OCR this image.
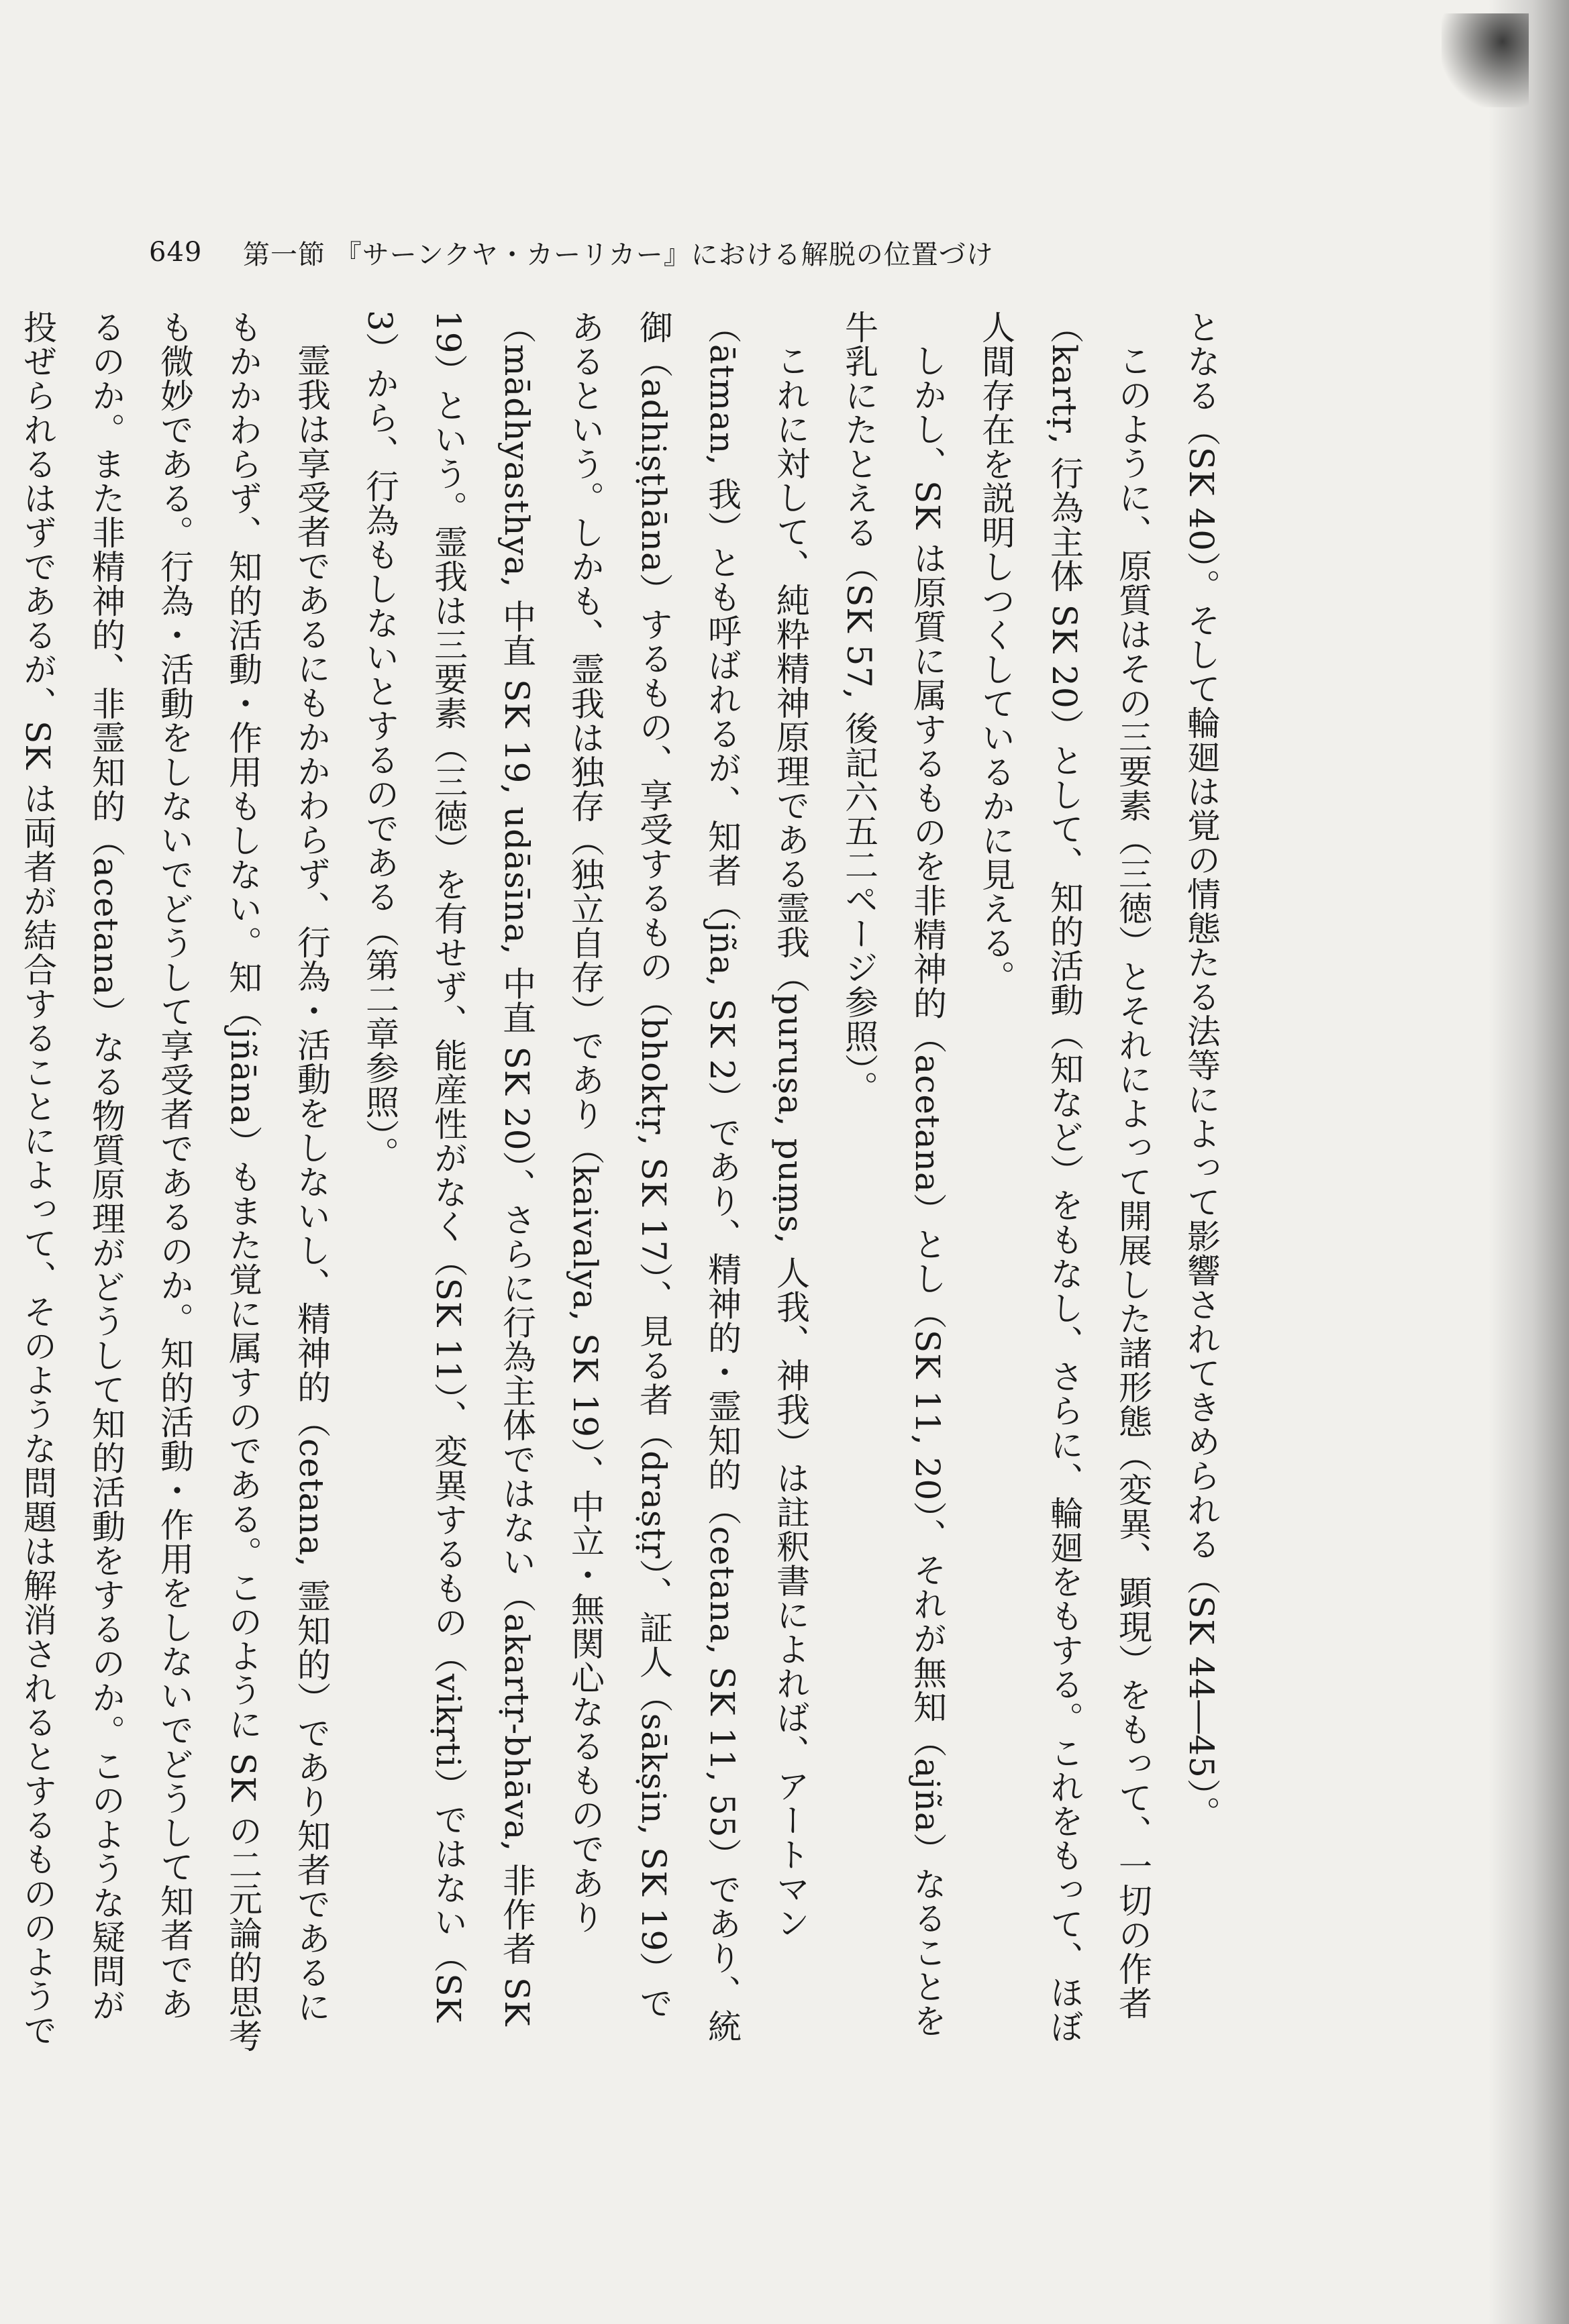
649	第一節 『サーンクヤ・カーリカー』における解脱の位置づけ

となる（SK 40）。そして輪廻は覚の情態たる法等によって影響されてきめられる（SK 44―45）。

このように、原質はその三要素（三徳）とそれによって開展した諸形態（変異、顕現）をもって、一切の作者（kartṛ, 行為主体 SK 20）として、知的活動（知など）をもなし、さらに、輪廻をもする。これをもって、ほぼ人間存在を説明しつくしているかに見える。

しかし、SK は原質に属するものを非精神的（acetana）とし（SK 11, 20）、それが無知（ajña）なることを牛乳にたとえる（SK 57, 後記六五二ページ参照）。

これに対して、純粋精神原理である霊我（puruṣa, puṃs, 人我、神我）は註釈書によれば、アートマン（ātman, 我）とも呼ばれるが、知者（jña, SK 2）であり、精神的・霊知的（cetana, SK 11, 55）であり、統御（adhiṣṭhāna）するもの、享受するもの（bhoktṛ, SK 17）、見る者（draṣṭṛ）、証人（sākṣin, SK 19）であるという。しかも、霊我は独存（独立自存）であり（kaivalya, SK 19）、中立・無関心なるものであり（mādhyasthya, 中直 SK 19, udāsīna, 中直 SK 20）、さらに行為主体ではない（akartṛ-bhāva, 非作者 SK 19）という。霊我は三要素（三徳）を有せず、能産性がなく（SK 11）、変異するもの（vikṛti）ではない（SK 3）から、行為もしないとするのである（第二章参照）。

霊我は享受者であるにもかかわらず、行為・活動をしないし、精神的（cetana, 霊知的）であり知者であるにもかかわらず、知的活動・作用もしない。知（jñāna）もまた覚に属すのである。このように SK の二元論的思考も微妙である。行為・活動をしないでどうして享受者であるのか。知的活動・作用をしないでどうして知者であるのか。また非精神的、非霊知的（acetana）なる物質原理がどうして知的活動をするのか。このような疑問が投ぜられるはずであるが、SK は両者が結合することによって、そのような問題は解消されるとするもののようで
